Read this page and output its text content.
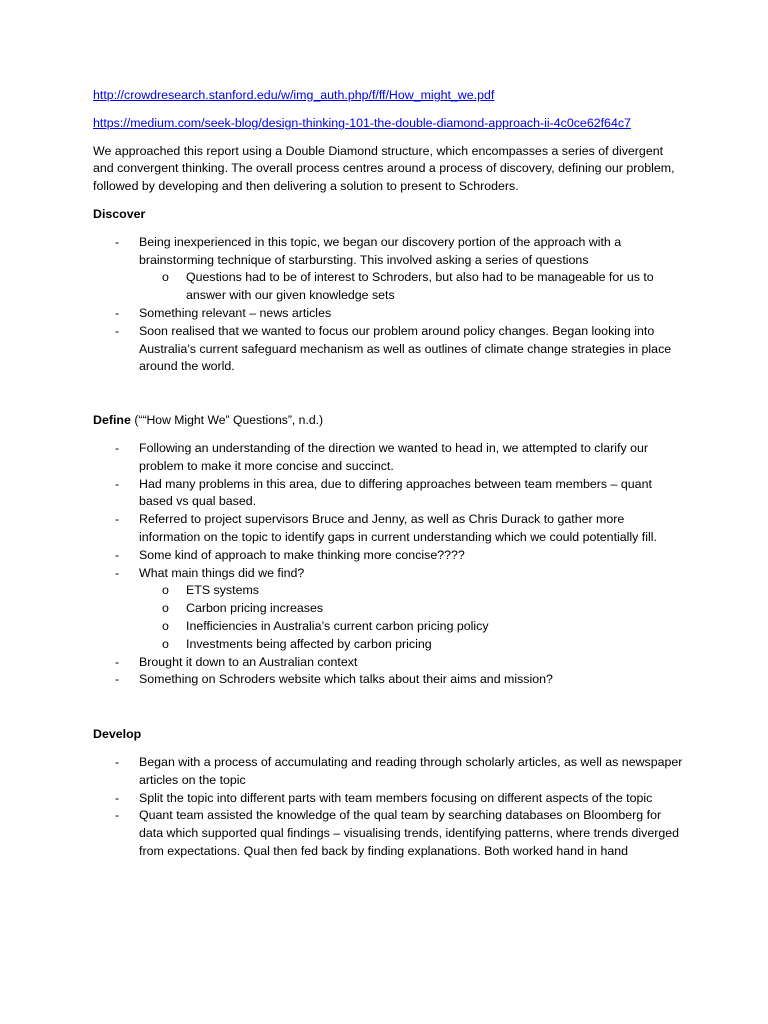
http://crowdresearch.stanford.edu/w/img_auth.php/f/ff/How_might_we.pdf
https://medium.com/seek-blog/design-thinking-101-the-double-diamond-approach-ii-4c0ce62f64c7

We approached this report using a Double Diamond structure, which encompasses a series of divergent and convergent thinking. The overall process centres around a process of discovery, defining our problem, followed by developing and then delivering a solution to present to Schroders.

Discover

- Being inexperienced in this topic, we began our discovery portion of the approach with a brainstorming technique of starbursting. This involved asking a series of questions
o Questions had to be of interest to Schroders, but also had to be manageable for us to answer with our given knowledge sets
- Something relevant – news articles
- Soon realised that we wanted to focus our problem around policy changes. Began looking into Australia’s current safeguard mechanism as well as outlines of climate change strategies in place around the world.

Define (““How Might We” Questions”, n.d.)

- Following an understanding of the direction we wanted to head in, we attempted to clarify our problem to make it more concise and succinct.
- Had many problems in this area, due to differing approaches between team members – quant based vs qual based.
- Referred to project supervisors Bruce and Jenny, as well as Chris Durack to gather more information on the topic to identify gaps in current understanding which we could potentially fill.
- Some kind of approach to make thinking more concise????
- What main things did we find?
o ETS systems
o Carbon pricing increases
o Inefficiencies in Australia’s current carbon pricing policy
o Investments being affected by carbon pricing
- Brought it down to an Australian context
- Something on Schroders website which talks about their aims and mission?

Develop

- Began with a process of accumulating and reading through scholarly articles, as well as newspaper articles on the topic
- Split the topic into different parts with team members focusing on different aspects of the topic
- Quant team assisted the knowledge of the qual team by searching databases on Bloomberg for data which supported qual findings – visualising trends, identifying patterns, where trends diverged from expectations. Qual then fed back by finding explanations. Both worked hand in hand
